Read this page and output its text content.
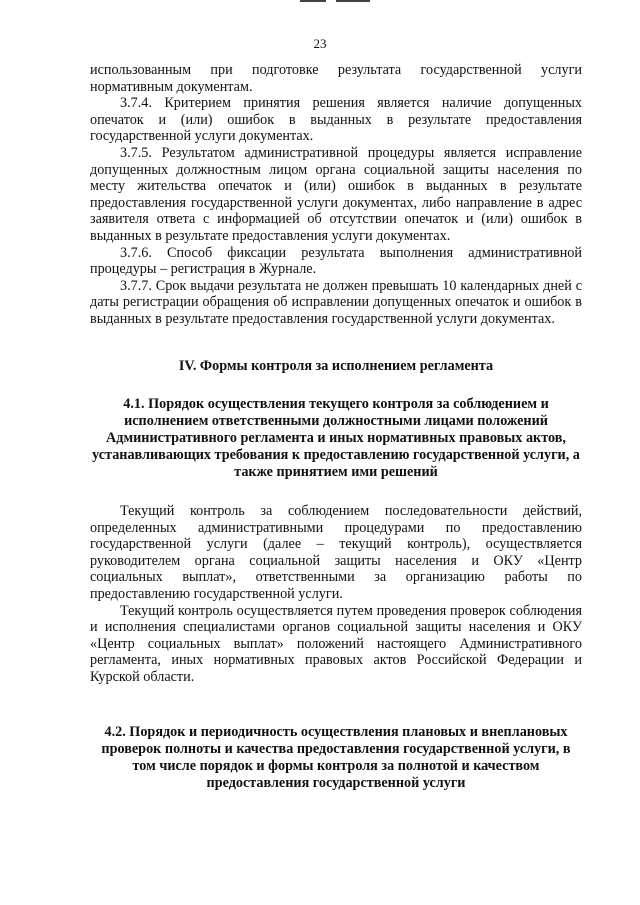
23

использованным при подготовке результата государственной услуги нормативным документам.

3.7.4. Критерием принятия решения является наличие допущенных опечаток и (или) ошибок в выданных в результате предоставления государственной услуги документах.

3.7.5. Результатом административной процедуры является исправление допущенных должностным лицом органа социальной защиты населения по месту жительства опечаток и (или) ошибок в выданных в результате предоставления государственной услуги документах, либо направление в адрес заявителя ответа с информацией об отсутствии опечаток и (или) ошибок в выданных в результате предоставления услуги документах.

3.7.6. Способ фиксации результата выполнения административной процедуры – регистрация в Журнале.

3.7.7. Срок выдачи результата не должен превышать 10 календарных дней с даты регистрации обращения об исправлении допущенных опечаток и ошибок в выданных в результате предоставления государственной услуги документах.

IV. Формы контроля за исполнением регламента
4.1. Порядок осуществления текущего контроля за соблюдением и исполнением ответственными должностными лицами положений Административного регламента и иных нормативных правовых актов, устанавливающих требования к предоставлению государственной услуги, а также принятием ими решений

Текущий контроль за соблюдением последовательности действий, определенных административными процедурами по предоставлению государственной услуги (далее – текущий контроль), осуществляется руководителем органа социальной защиты населения и ОКУ «Центр социальных выплат», ответственными за организацию работы по предоставлению государственной услуги.

Текущий контроль осуществляется путем проведения проверок соблюдения и исполнения специалистами органов социальной защиты населения и ОКУ «Центр социальных выплат» положений настоящего Административного регламента, иных нормативных правовых актов Российской Федерации и Курской области.

4.2. Порядок и периодичность осуществления плановых и внеплановых проверок полноты и качества предоставления государственной услуги, в том числе порядок и формы контроля за полнотой и качеством предоставления государственной услуги
